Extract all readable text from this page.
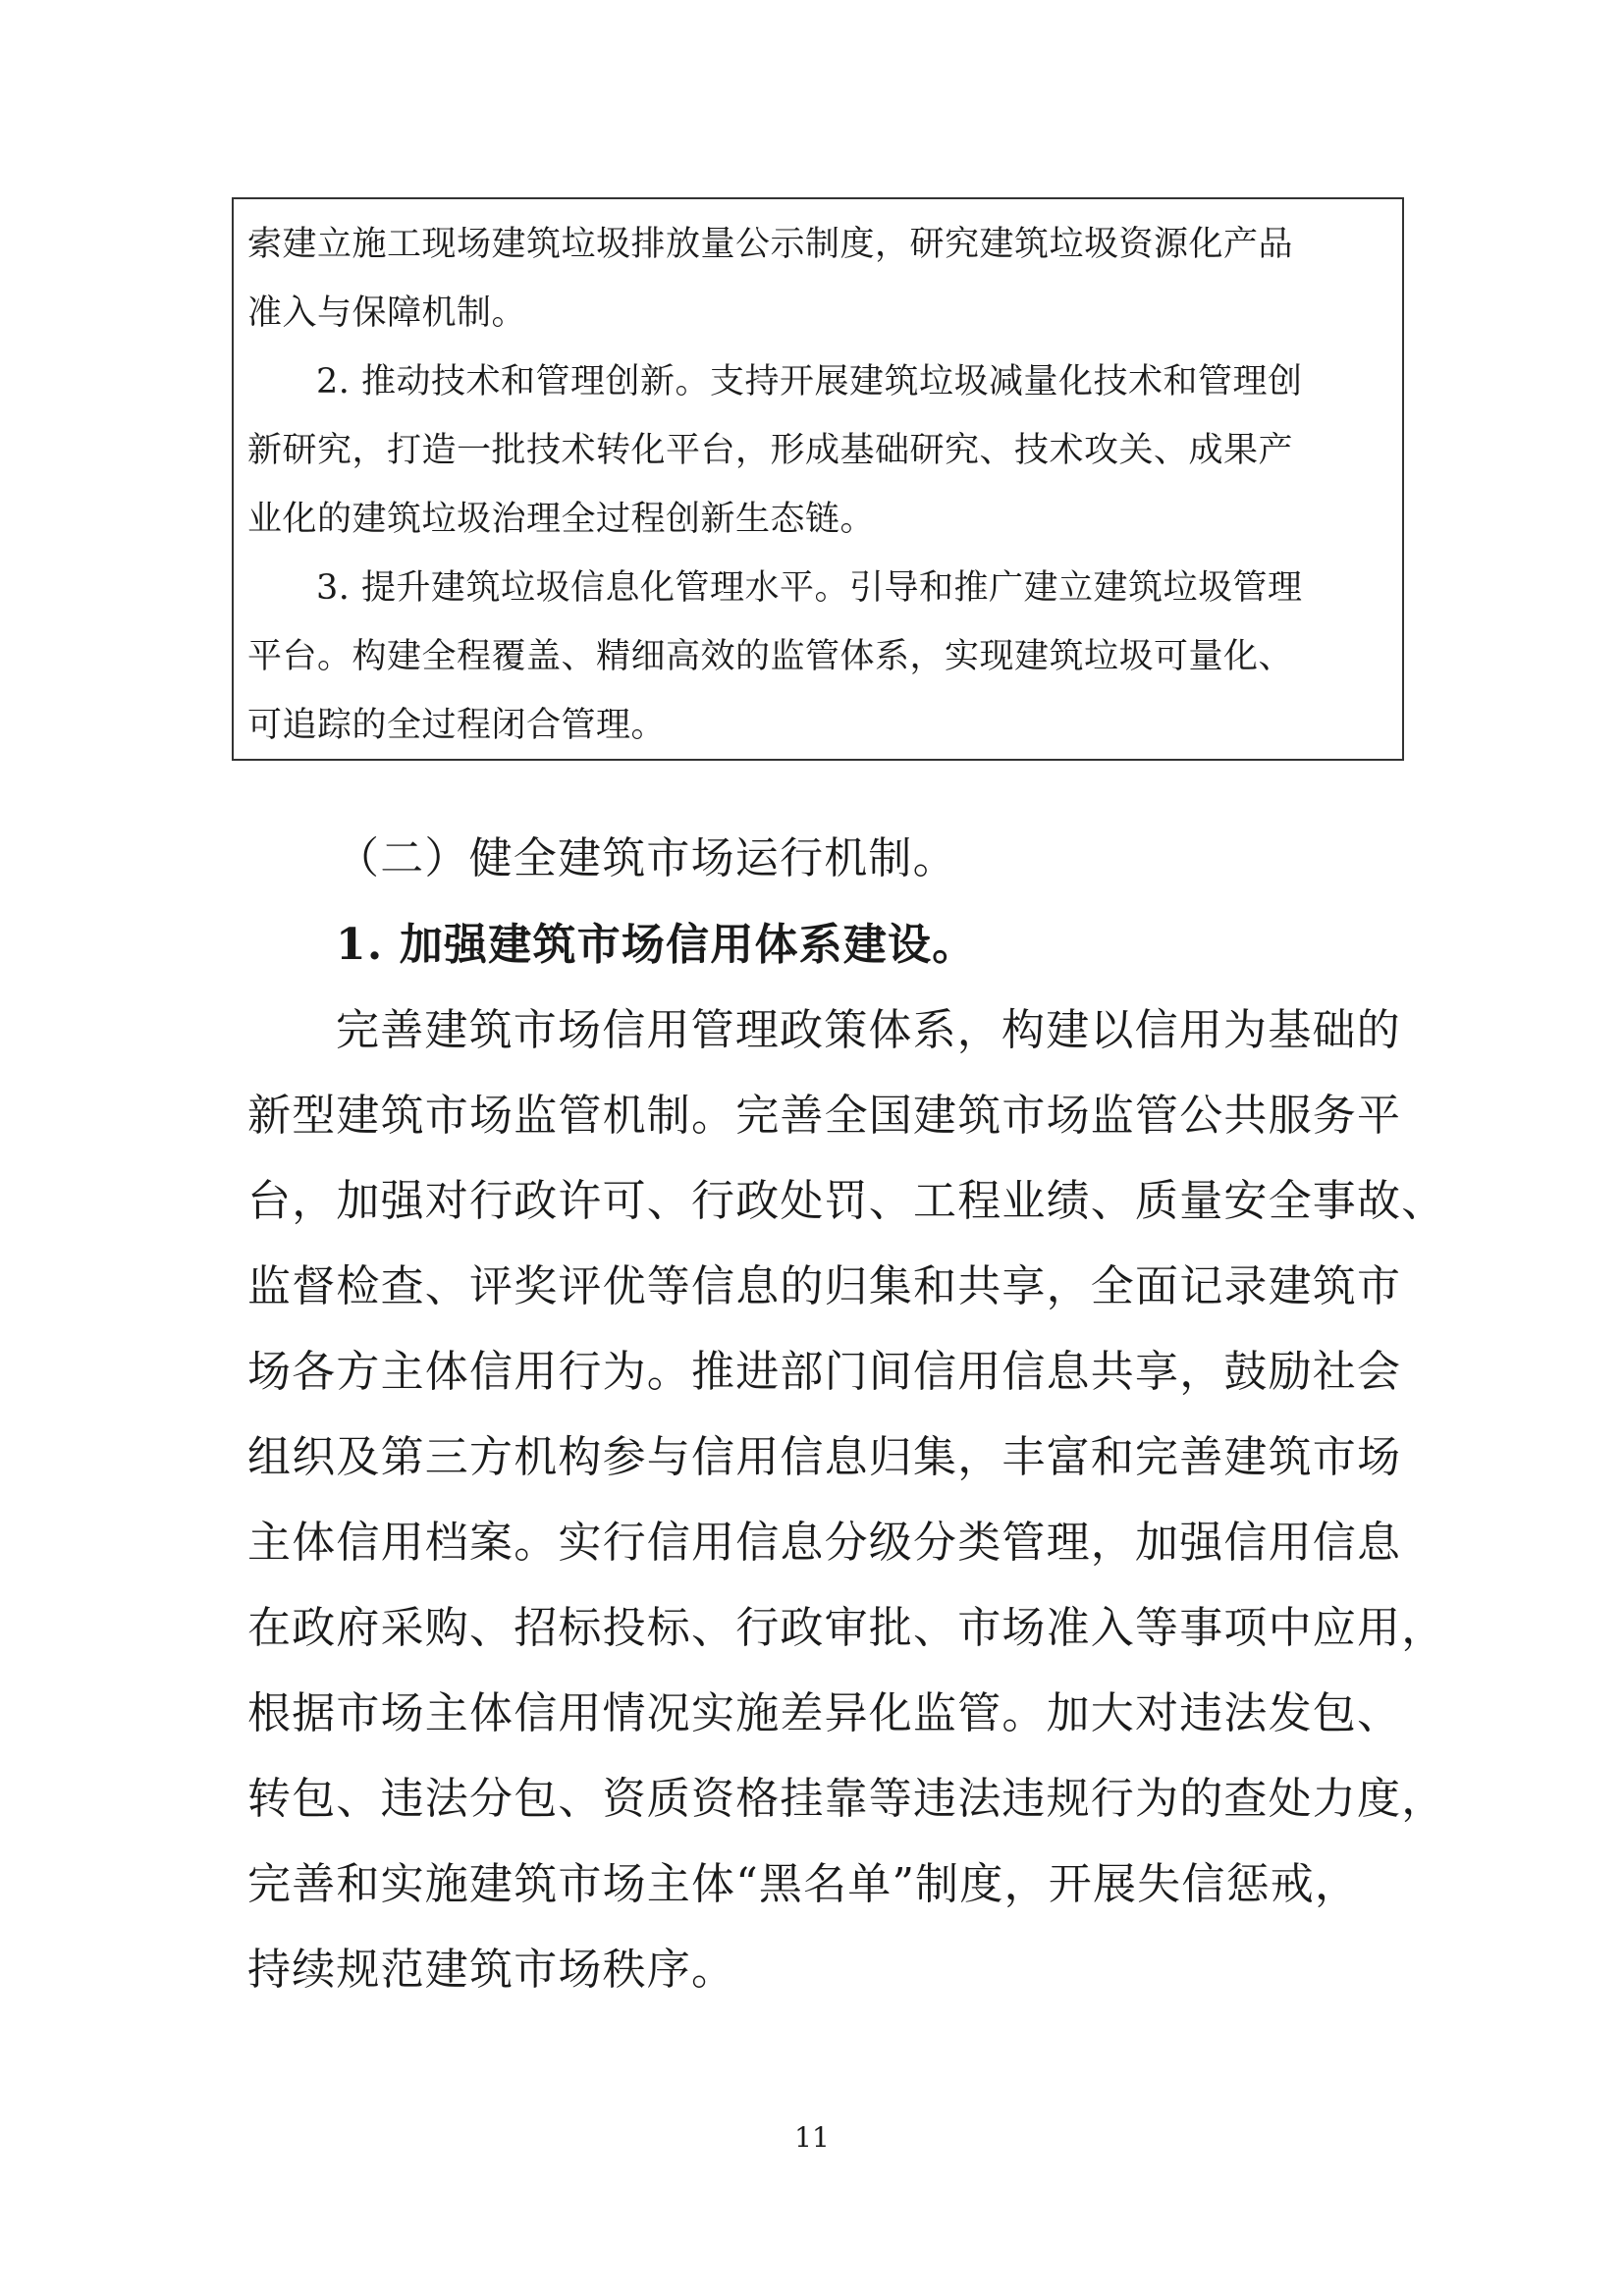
索建立施工现场建筑垃圾排放量公示制度，研究建筑垃圾资源化产品
准入与保障机制。
2. 推动技术和管理创新。支持开展建筑垃圾减量化技术和管理创
新研究，打造一批技术转化平台，形成基础研究、技术攻关、成果产
业化的建筑垃圾治理全过程创新生态链。
3. 提升建筑垃圾信息化管理水平。引导和推广建立建筑垃圾管理
平台。构建全程覆盖、精细高效的监管体系，实现建筑垃圾可量化、
可追踪的全过程闭合管理。
（二）健全建筑市场运行机制。
1. 加强建筑市场信用体系建设。
完善建筑市场信用管理政策体系，构建以信用为基础的
新型建筑市场监管机制。完善全国建筑市场监管公共服务平
台，加强对行政许可、行政处罚、工程业绩、质量安全事故、
监督检查、评奖评优等信息的归集和共享，全面记录建筑市
场各方主体信用行为。推进部门间信用信息共享，鼓励社会
组织及第三方机构参与信用信息归集，丰富和完善建筑市场
主体信用档案。实行信用信息分级分类管理，加强信用信息
在政府采购、招标投标、行政审批、市场准入等事项中应用，
根据市场主体信用情况实施差异化监管。加大对违法发包、
转包、违法分包、资质资格挂靠等违法违规行为的查处力度，
完善和实施建筑市场主体“黑名单”制度，开展失信惩戒，
持续规范建筑市场秩序。
11
